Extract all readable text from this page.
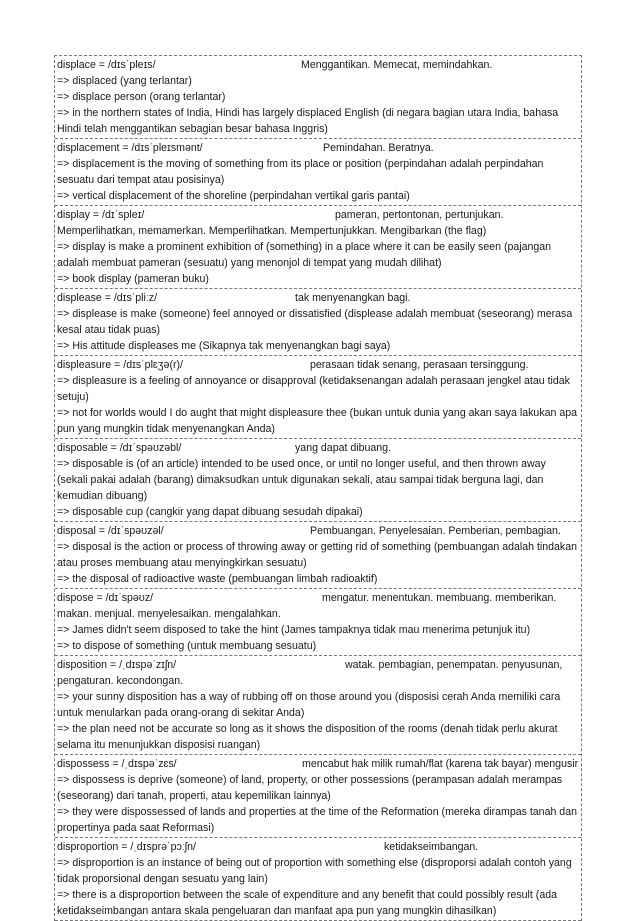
displace = /dɪsˈpleɪs/	Menggantikan. Memecat, memindahkan.
=> displaced (yang terlantar)
=> displace person (orang terlantar)
=> in the northern states of India, Hindi has largely displaced English (di negara bagian utara India, bahasa Hindi telah menggantikan sebagian besar bahasa Inggris)
displacement = /dɪsˈpleɪsmənt/	Pemindahan. Beratnya.
=> displacement is the moving of something from its place or position (perpindahan adalah perpindahan sesuatu dari tempat atau posisinya)
=> vertical displacement of the shoreline (perpindahan vertikal garis pantai)
display = /dɪˈspleɪ/	pameran, pertontonan, pertunjukan. Memperlihatkan, memamerkan. Memperlihatkan. Mempertunjukkan. Mengibarkan (the flag)
=> display is make a prominent exhibition of (something) in a place where it can be easily seen (pajangan adalah membuat pameran (sesuatu) yang menonjol di tempat yang mudah dilihat)
=> book display (pameran buku)
displease = /dɪsˈpliːz/	tak menyenangkan bagi.
=> displease is make (someone) feel annoyed or dissatisfied (displease adalah membuat (seseorang) merasa kesal atau tidak puas)
=> His attitude displeases me (Sikapnya tak menyenangkan bagi saya)
displeasure = /dɪsˈplɛʒə(r)/	perasaan tidak senang, perasaan tersinggung.
=> displeasure is a feeling of annoyance or disapproval (ketidaksenangan adalah perasaan jengkel atau tidak setuju)
=> not for worlds would I do aught that might displeasure thee (bukan untuk dunia yang akan saya lakukan apa pun yang mungkin tidak menyenangkan Anda)
disposable = /dɪˈspəʊzəbl/	yang dapat dibuang.
=> disposable is (of an article) intended to be used once, or until no longer useful, and then thrown away (sekali pakai adalah (barang) dimaksudkan untuk digunakan sekali, atau sampai tidak berguna lagi, dan kemudian dibuang)
=> disposable cup (cangkir yang dapat dibuang sesudah dipakai)
disposal = /dɪˈspəʊzəl/	Pembuangan. Penyelesaian. Pemberian, pembagian.
=> disposal is the action or process of throwing away or getting rid of something (pembuangan adalah tindakan atau proses membuang atau menyingkirkan sesuatu)
=> the disposal of radioactive waste (pembuangan limbah radioaktif)
dispose = /dɪˈspəʊz/	mengatur. menentukan. membuang. memberikan. makan. menjual. menyelesaikan. mengalahkan.
=> James didn't seem disposed to take the hint (James tampaknya tidak mau menerima petunjuk itu)
=> to dispose of something (untuk membuang sesuatu)
disposition = /ˌdɪspəˈzɪʃn/	watak. pembagian, penempatan. penyusunan, pengaturan. kecondongan.
=> your sunny disposition has a way of rubbing off on those around you (disposisi cerah Anda memiliki cara untuk menularkan pada orang-orang di sekitar Anda)
=> the plan need not be accurate so long as it shows the disposition of the rooms (denah tidak perlu akurat selama itu menunjukkan disposisi ruangan)
dispossess = /ˌdɪspəˈzɛs/	mencabut hak milik rumah/flat (karena tak bayar) mengusir
=> dispossess is deprive (someone) of land, property, or other possessions (perampasan adalah merampas (seseorang) dari tanah, properti, atau kepemilikan lainnya)
=> they were dispossessed of lands and properties at the time of the Reformation (mereka dirampas tanah dan propertinya pada saat Reformasi)
disproportion = /ˌdɪsprəˈpɔːʃn/	ketidakseimbangan.
=> disproportion is an instance of being out of proportion with something else (disproporsi adalah contoh yang tidak proporsional dengan sesuatu yang lain)
=> there is a disproportion between the scale of expenditure and any benefit that could possibly result (ada ketidakseimbangan antara skala pengeluaran dan manfaat apa pun yang mungkin dihasilkan)
